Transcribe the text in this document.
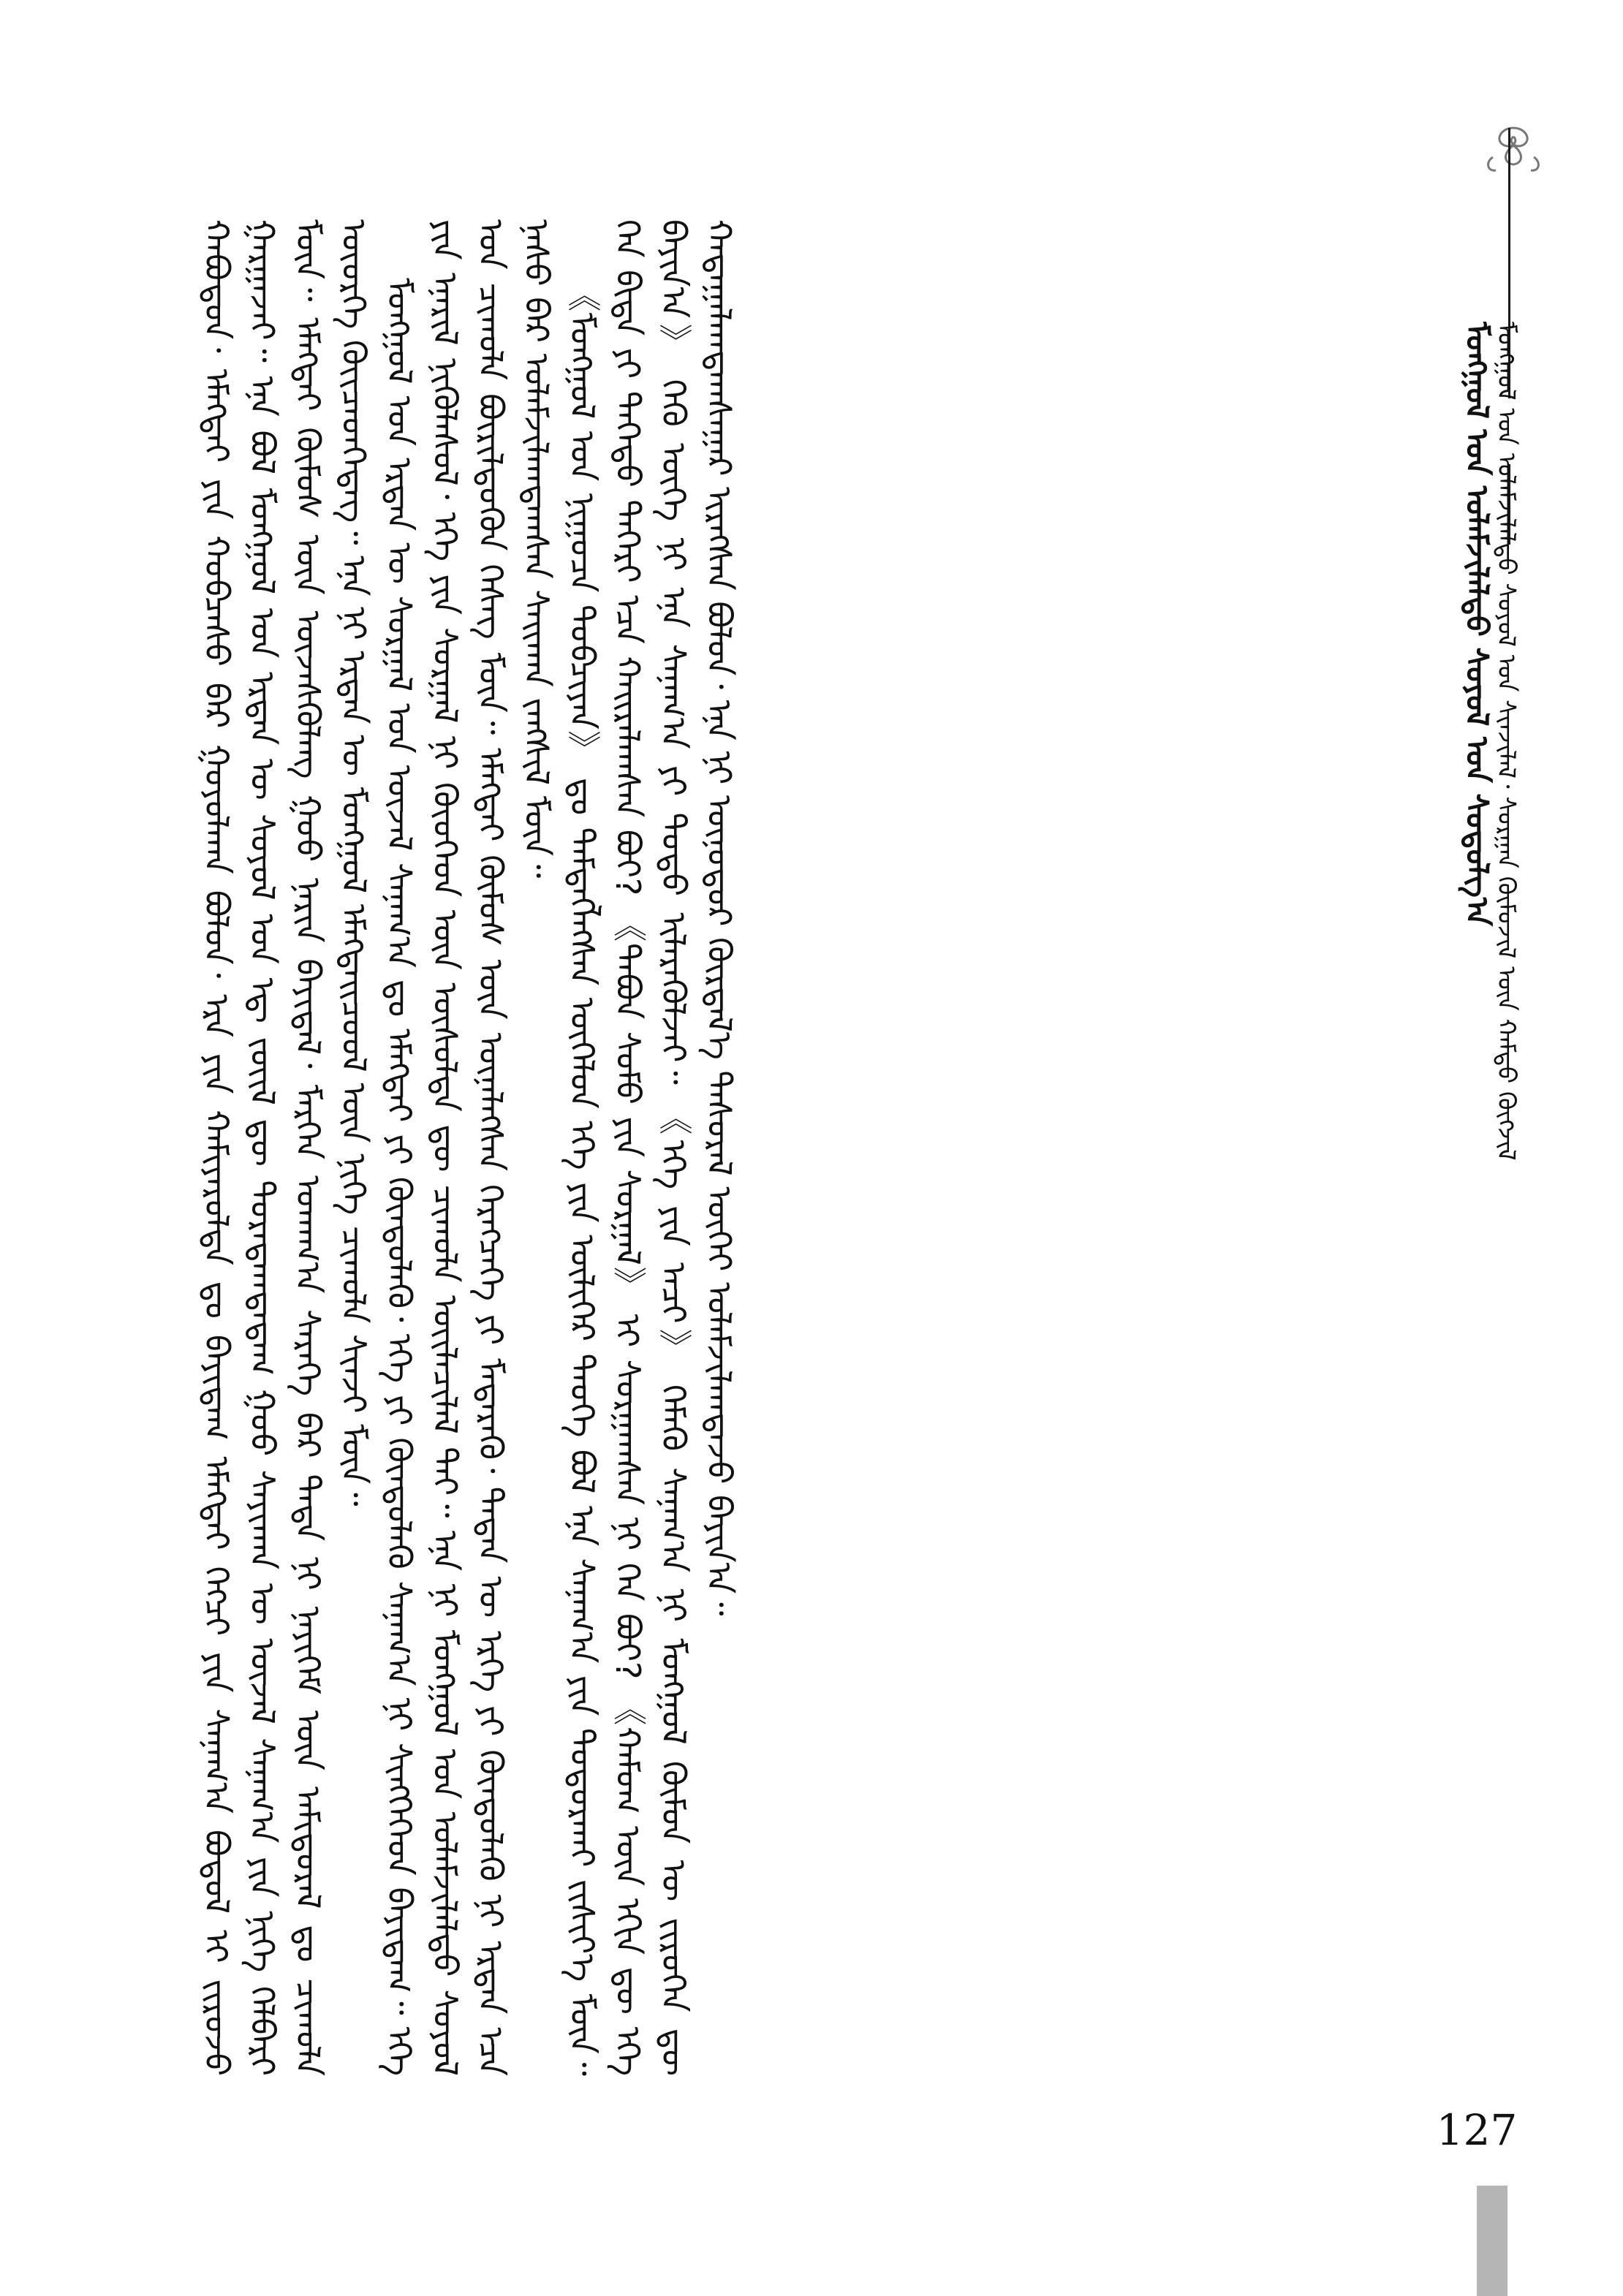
ᠮᠣᠩᠭᠣᠯ ᠤᠨ ᠤᠯᠠᠮᠵᠢᠯᠠᠯᠲᠤ ᠰᠣᠶᠣᠯ ᠤᠨ ᠰᠤᠳᠤᠯᠭ᠎ᠠ
ᠮᠣᠩᠭᠣᠯ ᠤᠨ ᠤᠯᠠᠮᠵᠢᠯᠠᠯᠲᠤ ᠰᠣᠶᠣᠯ ᠤᠨ ᠰᠢᠨᠵᠢᠯᠡᠯ᠂ ᠰᠤᠷᠭᠠᠨ ᠬᠦᠮᠦᠵᠢᠯ ᠦᠨ ᠬᠠᠮᠲᠤ ᠬᠥᠭᠵᠢᠯ

ᠬᠠᠪᠣᠳᠤᠨ᠂ ᠡᠮᠡᠭᠲᠡᠢ ᠶᠢᠨ ᠬᠣᠪᠴᠠᠰᠤ ᠪᠠᠷ ᠭᠣᠶᠣᠯᠬᠠᠨ ᠪᠣᠯᠤᠨ᠂ ᠡᠷᠡ ᠶᠢᠨ ᠬᠠᠮᠢᠶᠠᠷᠤᠯᠲᠠ ᠳᠤ ᠪᠠᠶᠢᠳᠠᠭ ᠡᠮᠡᠭᠲᠡᠢ ᠭᠡᠭᠴᠢ ᠶᠢᠨ ᠰᠠᠨᠠᠭ᠎ᠠ ᠪᠣᠳᠤᠯ ᠢ ᠵᠢᠷᠤᠵᠤ ᠭᠠᠷᠭᠠᠵᠠᠢ᠃ ᠡᠨᠡ ᠪᠣᠯ ᠮᠣᠩᠭᠣᠯ ᠤᠨ ᠡᠷᠲᠡᠨ ᠦ ᠰᠣᠶᠣᠯ ᠤᠨ ᠡᠳ᠋ ᠵᠦᠢᠯ ᠳᠦ ᠳᠤᠷᠠᠳᠠᠭᠳᠠᠳᠠᠭ ᠭᠣᠣ ᠰᠠᠶᠢᠬᠠᠨ ᠦ ᠦᠵᠡᠯ ᠰᠠᠨᠠᠭ᠎ᠠ ᠶᠢᠨ ᠨᠢᠭᠡ ᠬᠡᠯᠪᠡᠷᠢ ᠮᠥᠨ᠃ ᠡᠮᠡᠭᠲᠡᠢ ᠬᠦᠮᠦᠰ ᠦᠨ ᠦᠵᠡᠰᠬᠦᠯᠡᠩ ᠭᠣᠣ ᠨᠠᠷᠢᠨ ᠪᠠᠶᠢᠳᠠᠯ᠂ ᠮᠡᠷᠭᠡᠨ ᠤᠬᠠᠭ᠎ᠠ ᠰᠡᠷᠡᠭᠡ ᠪᠠᠷ ᠲᠡᠳᠡ ᠨᠢ ᠨᠡᠶᠢᠭᠡᠮ ᠦᠨ ᠠᠮᠢᠳᠤᠷᠠᠯ ᠳᠤ ᠴᠢᠬᠤᠯᠠ ᠦᠦᠷᠭᠡ ᠭᠦᠢᠴᠡᠳᠭᠡᠳᠡᠭ᠃ ᠡᠨᠡ ᠨᠢ ᠡᠷᠲᠡᠨ ᠦ ᠮᠣᠩᠭᠣᠯ ᠡᠮᠡᠭᠲᠡᠢᠴᠦᠦᠯ ᠦᠨ ᠨᠢᠭᠡ ᠴᠢᠬᠤᠯᠠ ᠰᠢᠨᠵᠢ ᠮᠥᠨ᠃ ᠮᠣᠩᠭᠣᠯ ᠤᠨ ᠡᠷᠲᠡᠨ ᠦ ᠰᠤᠷᠭᠠᠯ ᠤᠨ ᠦᠵᠡᠯ ᠰᠠᠨᠠᠭ᠎ᠠ ᠳᠤ ᠡᠮᠡᠭᠲᠡᠢ ᠶᠢ ᠬᠦᠨᠳᠦᠯᠡᠬᠦ᠂ ᠡᠬᠡ ᠶᠢ ᠬᠦᠨᠳᠦᠯᠡᠬᠦ ᠰᠠᠨᠠᠭ᠎ᠠ ᠨᠢ ᠰᠢᠩᠭᠡᠭᠡᠳ ᠪᠠᠶᠢᠳᠠᠭ᠃ ᠡᠬᠡ ᠶᠢᠨ ᠡᠨᠡᠷᠢᠯ ᠨᠢᠭᠦᠯᠡᠰᠦᠯ᠂ ᠡᠬᠡ ᠶᠢᠨ ᠰᠤᠷᠭᠠᠯ ᠨᠢ ᠬᠦᠦᠬᠡᠳ ᠦᠨ ᠥᠰᠦᠯᠲᠡ ᠳᠦ ᠴᠢᠬᠤᠯᠠ ᠦᠢᠯᠡᠴᠢᠯᠡᠯ ᠲᠡᠢ᠃ ᠡᠨᠡ ᠨᠢ ᠮᠣᠩᠭᠣᠯ ᠤᠨ ᠤᠯᠠᠮᠵᠢᠯᠠᠯᠲᠤ ᠰᠣᠶᠣᠯ ᠤᠨ ᠴᠢᠬᠤᠯᠠ ᠪᠦᠷᠢᠯᠳᠦᠬᠦᠨ ᠬᠡᠰᠡᠭ ᠮᠥᠨ᠃ ᠡᠮᠡᠭᠲᠡᠢ ᠬᠦᠮᠦᠰ ᠦᠨ ᠦᠨᠡᠯᠡᠭᠰᠡᠨ ᠬᠡᠷᠡᠭᠴᠡᠭᠡ ᠶᠢ ᠮᠡᠳᠡᠷᠡᠬᠦ᠂ ᠲᠡᠳᠡᠨ ᠦ ᠡᠷᠬᠡ ᠶᠢ ᠬᠦᠨᠳᠦᠯᠡᠬᠦ ᠨᠢ ᠡᠷᠲᠡᠨ ᠡᠴᠡ ᠨᠠᠰᠤ ᠪᠠᠷ ᠤᠯᠠᠮᠵᠢᠯᠠᠭᠳᠠᠭᠰᠠᠨ ᠰᠠᠢᠬᠠᠨ ᠵᠠᠩᠱᠢᠯ ᠮᠥᠨ᠃ 《ᠮᠣᠩᠭᠣᠯ ᠤᠨ ᠨᠢᠭᠤᠴᠠ ᠲᠣᠪᠴᠢᠶᠠᠨ》 ᠳᠤ ᠲᠡᠮᠳᠡᠭᠯᠡᠭᠰᠡᠨ ᠥᠭᠡᠯᠦᠨ ᠡᠬᠡ ᠶᠢᠨ ᠦᠯᠢᠭᠡᠷ ᠲᠡᠦᠬᠡ ᠪᠣᠯ ᠡᠨᠡ ᠰᠠᠨᠠᠭ᠎ᠠ ᠶᠢᠨ ᠲᠣᠳᠣᠷᠬᠠᠢ ᠵᠢᠱᠢᠶ᠎ᠡ ᠮᠥᠨ᠃ ᠬᠡᠨ ᠪᠢᠳᠡ ᠶᠢ ᠳᠡᠭᠡᠳᠦ ᠲᠡᠭᠡᠷᠢ ᠡᠴᠡ ᠬᠠᠢᠷᠠᠯᠠᠭᠰᠠᠨ ᠪᠤᠢ? 《ᠲᠠᠪᠤᠨ ᠰᠤᠮᠤ ᠶᠢᠨ ᠰᠤᠷᠭᠠᠯ》 ᠢ ᠰᠤᠷᠭᠠᠭᠰᠠᠨ ᠨᠢ ᠬᠡᠨ ᠪᠤᠢ? 《ᠬᠠᠮᠤᠭ ᠦᠨ ᠡᠬᠢᠨ ᠳᠦ ᠡᠬᠡ ᠪᠠᠶᠢᠨ᠎ᠠ》 ᠭᠡᠬᠦ ᠦᠭᠡ ᠨᠢ ᠡᠨᠡ ᠰᠠᠨᠠᠭ᠎ᠠ ᠶᠢ ᠲᠣᠳᠣ ᠢᠯᠡᠷᠡᠭᠦᠯᠵᠡᠢ᠃ 《ᠡᠬᠡ ᠶᠢᠨ ᠠᠴᠢ》 ᠬᠡᠮᠡᠬᠦ ᠰᠠᠨᠠᠭ᠎ᠠ ᠨᠢ ᠮᠣᠩᠭᠣᠯ ᠬᠦᠮᠦᠨ ᠦ ᠵᠢᠷᠦᠬᠡᠨ ᠳᠦ ᠬᠠᠳᠠᠭᠠᠯᠠᠭᠳᠠᠭᠰᠠᠭᠠᠷ ᠢᠷᠡᠭᠰᠡᠨ ᠪᠣᠯᠤᠨ᠂ ᠡᠨᠡ ᠨᠢ ᠥᠨᠥᠳᠥᠷ ᠬᠦᠷᠲᠡᠯ᠎ᠡ ᠲᠠᠰᠤᠷᠠᠯ ᠦᠭᠡᠢ ᠤᠯᠠᠮᠵᠢᠯᠠᠭᠳᠠᠵᠤ ᠪᠠᠶᠢᠨ᠎ᠠ᠃

127
